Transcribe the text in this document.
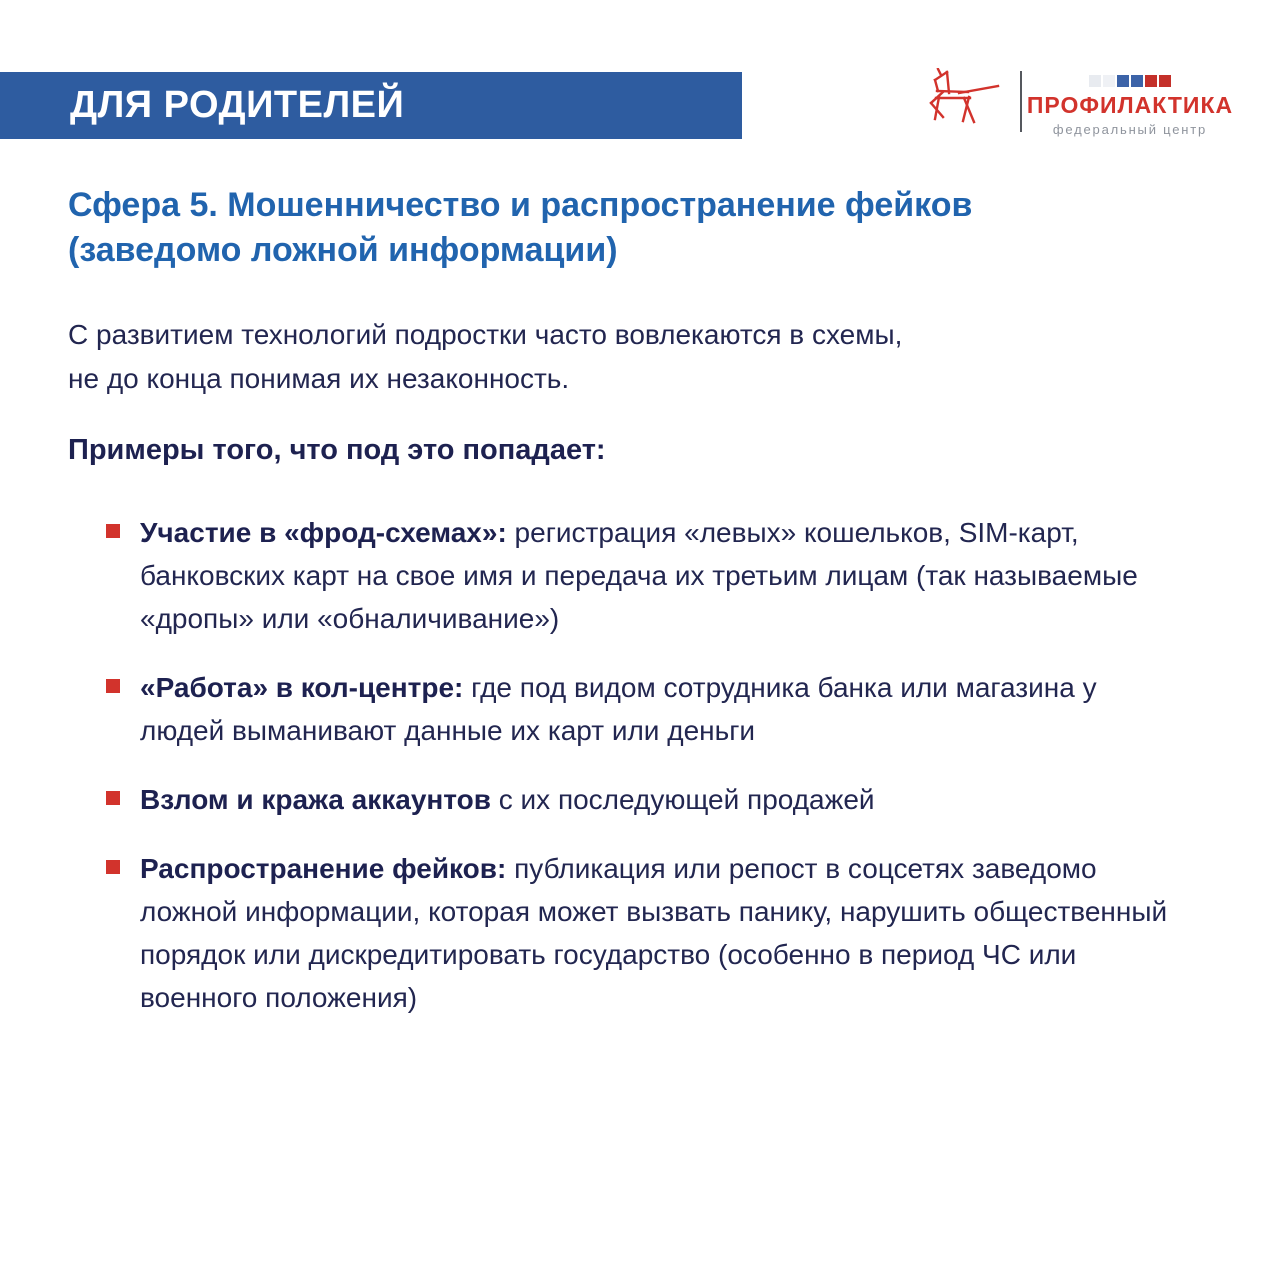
ДЛЯ РОДИТЕЛЕЙ	ПРОФИЛАКТИКА
федеральный центр
Сфера 5. Мошенничество и распространение фейков
(заведомо ложной информации)

С развитием технологий подростки часто вовлекаются в схемы,
не до конца понимая их незаконность.

Примеры того, что под это попадает:

Участие в «фрод-схемах»: регистрация «левых» кошельков, SIM-карт, банковских карт на свое имя и передача их третьим лицам (так называемые «дропы» или «обналичивание»)

«Работа» в кол-центре: где под видом сотрудника банка или магазина у людей выманивают данные их карт или деньги

Взлом и кража аккаунтов с их последующей продажей

Распространение фейков: публикация или репост в соцсетях заведомо ложной информации, которая может вызвать панику, нарушить общественный порядок или дискредитировать государство (особенно в период ЧС или военного положения)
